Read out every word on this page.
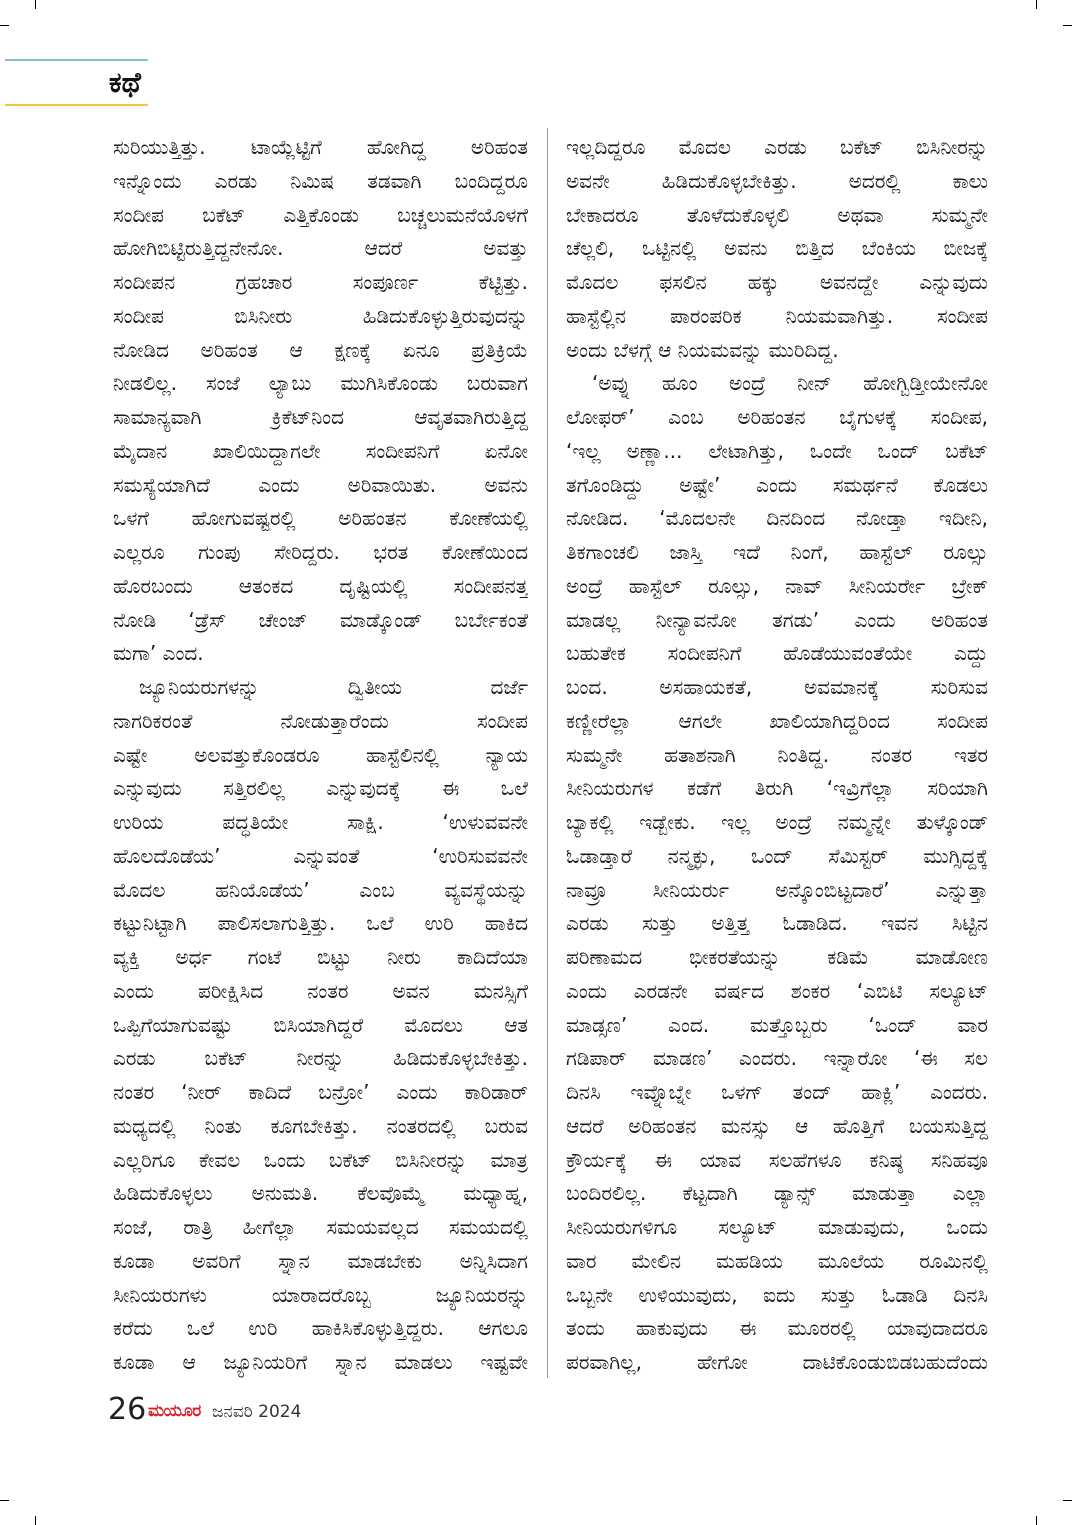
ಕಥೆ
ಸುರಿಯುತ್ತಿತ್ತು. ಟಾಯ್ಲೆಟ್ಟಿಗೆ ಹೋಗಿದ್ದ ಅರಿಹಂತ
ಇನ್ನೊಂದು ಎರಡು ನಿಮಿಷ ತಡವಾಗಿ ಬಂದಿದ್ದರೂ
ಸಂದೀಪ ಬಕೆಟ್ ಎತ್ತಿಕೊಂಡು ಬಚ್ಚಲುಮನೆಯೊಳಗೆ
ಹೋಗಿಬಿಟ್ಟಿರುತ್ತಿದ್ದನೇನೋ. ಆದರೆ ಅವತ್ತು
ಸಂದೀಪನ ಗ್ರಹಚಾರ ಸಂಪೂರ್ಣ ಕೆಟ್ಟಿತ್ತು.
ಸಂದೀಪ ಬಿಸಿನೀರು ಹಿಡಿದುಕೊಳ್ಳುತ್ತಿರುವುದನ್ನು
ನೋಡಿದ ಅರಿಹಂತ ಆ ಕ್ಷಣಕ್ಕೆ ಏನೂ ಪ್ರತಿಕ್ರಿಯೆ
ನೀಡಲಿಲ್ಲ. ಸಂಜೆ ಲ್ಯಾಬು ಮುಗಿಸಿಕೊಂಡು ಬರುವಾಗ
ಸಾಮಾನ್ಯವಾಗಿ ಕ್ರಿಕೆಟ್‌ನಿಂದ ಆವೃತವಾಗಿರುತ್ತಿದ್ದ
ಮೈದಾನ ಖಾಲಿಯಿದ್ದಾಗಲೇ ಸಂದೀಪನಿಗೆ ಏನೋ
ಸಮಸ್ಯೆಯಾಗಿದೆ ಎಂದು ಅರಿವಾಯಿತು. ಅವನು
ಒಳಗೆ ಹೋಗುವಷ್ಟರಲ್ಲಿ ಅರಿಹಂತನ ಕೋಣೆಯಲ್ಲಿ
ಎಲ್ಲರೂ ಗುಂಪು ಸೇರಿದ್ದರು. ಭರತ ಕೋಣೆಯಿಂದ
ಹೊರಬಂದು ಆತಂಕದ ದೃಷ್ಟಿಯಲ್ಲಿ ಸಂದೀಪನತ್ತ
ನೋಡಿ ‘ಡ್ರೆಸ್ ಚೇಂಜ್ ಮಾಡ್ಕೊಂಡ್ ಬರ್ಬೇಕಂತೆ
ಮಗಾ’ ಎಂದ.
ಜ್ಯೂನಿಯರುಗಳನ್ನು ದ್ವಿತೀಯ ದರ್ಜೆ
ನಾಗರಿಕರಂತೆ ನೋಡುತ್ತಾರೆಂದು ಸಂದೀಪ
ಎಷ್ಟೇ ಅಲವತ್ತುಕೊಂಡರೂ ಹಾಸ್ಟೆಲಿನಲ್ಲಿ ನ್ಯಾಯ
ಎನ್ನುವುದು ಸತ್ತಿರಲಿಲ್ಲ ಎನ್ನುವುದಕ್ಕೆ ಈ ಒಲೆ
ಉರಿಯ ಪದ್ಧತಿಯೇ ಸಾಕ್ಷಿ. ‘ಉಳುವವನೇ
ಹೊಲದೊಡೆಯ’ ಎನ್ನುವಂತೆ ‘ಉರಿಸುವವನೇ
ಮೊದಲ ಹನಿಯೊಡೆಯ’ ಎಂಬ ವ್ಯವಸ್ಥೆಯನ್ನು
ಕಟ್ಟುನಿಟ್ಟಾಗಿ ಪಾಲಿಸಲಾಗುತ್ತಿತ್ತು. ಒಲೆ ಉರಿ ಹಾಕಿದ
ವ್ಯಕ್ತಿ ಅರ್ಧ ಗಂಟೆ ಬಿಟ್ಟು ನೀರು ಕಾದಿದೆಯಾ
ಎಂದು ಪರೀಕ್ಷಿಸಿದ ನಂತರ ಅವನ ಮನಸ್ಸಿಗೆ
ಒಪ್ಪಿಗೆಯಾಗುವಷ್ಟು ಬಿಸಿಯಾಗಿದ್ದರೆ ಮೊದಲು ಆತ
ಎರಡು ಬಕೆಟ್ ನೀರನ್ನು ಹಿಡಿದುಕೊಳ್ಳಬೇಕಿತ್ತು.
ನಂತರ ‘ನೀರ್ ಕಾದಿದೆ ಬನ್ರೋ’ ಎಂದು ಕಾರಿಡಾರ್
ಮಧ್ಯದಲ್ಲಿ ನಿಂತು ಕೂಗಬೇಕಿತ್ತು. ನಂತರದಲ್ಲಿ ಬರುವ
ಎಲ್ಲರಿಗೂ ಕೇವಲ ಒಂದು ಬಕೆಟ್ ಬಿಸಿನೀರನ್ನು ಮಾತ್ರ
ಹಿಡಿದುಕೊಳ್ಳಲು ಅನುಮತಿ. ಕೆಲವೊಮ್ಮೆ ಮಧ್ಯಾಹ್ನ,
ಸಂಜೆ, ರಾತ್ರಿ ಹೀಗೆಲ್ಲಾ ಸಮಯವಲ್ಲದ ಸಮಯದಲ್ಲಿ
ಕೂಡಾ ಅವರಿಗೆ ಸ್ನಾನ ಮಾಡಬೇಕು ಅನ್ನಿಸಿದಾಗ
ಸೀನಿಯರುಗಳು ಯಾರಾದರೊಬ್ಬ ಜ್ಯೂನಿಯರನ್ನು
ಕರೆದು ಒಲೆ ಉರಿ ಹಾಕಿಸಿಕೊಳ್ಳುತ್ತಿದ್ದರು. ಆಗಲೂ
ಕೂಡಾ ಆ ಜ್ಯೂನಿಯರಿಗೆ ಸ್ನಾನ ಮಾಡಲು ಇಷ್ಟವೇ
ಇಲ್ಲದಿದ್ದರೂ ಮೊದಲ ಎರಡು ಬಕೆಟ್ ಬಿಸಿನೀರನ್ನು
ಅವನೇ ಹಿಡಿದುಕೊಳ್ಳಬೇಕಿತ್ತು. ಅದರಲ್ಲಿ ಕಾಲು
ಬೇಕಾದರೂ ತೊಳೆದುಕೊಳ್ಳಲಿ ಅಥವಾ ಸುಮ್ಮನೇ
ಚೆಲ್ಲಲಿ, ಒಟ್ಟಿನಲ್ಲಿ ಅವನು ಬಿತ್ತಿದ ಬೆಂಕಿಯ ಬೀಜಕ್ಕೆ
ಮೊದಲ ಫಸಲಿನ ಹಕ್ಕು ಅವನದ್ದೇ ಎನ್ನುವುದು
ಹಾಸ್ಟೆಲ್ಲಿನ ಪಾರಂಪರಿಕ ನಿಯಮವಾಗಿತ್ತು. ಸಂದೀಪ
ಅಂದು ಬೆಳಗ್ಗೆ ಆ ನಿಯಮವನ್ನು ಮುರಿದಿದ್ದ.
‘ಅವ್ನು ಹೂಂ ಅಂದ್ರೆ ನೀನ್ ಹೋಗ್ಬಿಡ್ತೀಯೇನೋ
ಲೋಫರ್’ ಎಂಬ ಅರಿಹಂತನ ಬೈಗುಳಕ್ಕೆ ಸಂದೀಪ,
‘ಇಲ್ಲ ಅಣ್ಣಾ... ಲೇಟಾಗಿತ್ತು, ಒಂದೇ ಒಂದ್ ಬಕೆಟ್
ತಗೊಂಡಿದ್ದು ಅಷ್ಟೇ’ ಎಂದು ಸಮರ್ಥನೆ ಕೊಡಲು
ನೋಡಿದ. ‘ಮೊದಲನೇ ದಿನದಿಂದ ನೋಡ್ತಾ ಇದೀನಿ,
ತಿಕಗಾಂಚಲಿ ಜಾಸ್ತಿ ಇದೆ ನಿಂಗೆ, ಹಾಸ್ಟೆಲ್ ರೂಲ್ಸು
ಅಂದ್ರೆ ಹಾಸ್ಟೆಲ್ ರೂಲ್ಸು, ನಾವ್ ಸೀನಿಯರ್ರೇ ಬ್ರೇಕ್
ಮಾಡಲ್ಲ ನೀನ್ಯಾವನೋ ತಗಡು’ ಎಂದು ಅರಿಹಂತ
ಬಹುತೇಕ ಸಂದೀಪನಿಗೆ ಹೊಡೆಯುವಂತೆಯೇ ಎದ್ದು
ಬಂದ. ಅಸಹಾಯಕತೆ, ಅವಮಾನಕ್ಕೆ ಸುರಿಸುವ
ಕಣ್ಣೀರೆಲ್ಲಾ ಆಗಲೇ ಖಾಲಿಯಾಗಿದ್ದರಿಂದ ಸಂದೀಪ
ಸುಮ್ಮನೇ ಹತಾಶನಾಗಿ ನಿಂತಿದ್ದ. ನಂತರ ಇತರ
ಸೀನಿಯರುಗಳ ಕಡೆಗೆ ತಿರುಗಿ ‘ಇವ್ರಿಗೆಲ್ಲಾ ಸರಿಯಾಗಿ
ಬ್ಯಾಕಲ್ಲಿ ಇಡ್ಬೇಕು. ಇಲ್ಲ ಅಂದ್ರೆ ನಮ್ಮನ್ನೇ ತುಳ್ಕೊಂಡ್
ಓಡಾಡ್ತಾರೆ ನನ್ಮಕ್ಳು, ಒಂದ್ ಸೆಮಿಸ್ಟರ್ ಮುಗ್ಸಿದ್ದಕ್ಕೆ
ನಾವ್ರೂ ಸೀನಿಯರ್ರು ಅನ್ಕೊಂಬಿಟ್ಟದಾರೆ’ ಎನ್ನುತ್ತಾ
ಎರಡು ಸುತ್ತು ಅತ್ತಿತ್ತ ಓಡಾಡಿದ. ಇವನ ಸಿಟ್ಟಿನ
ಪರಿಣಾಮದ ಭೀಕರತೆಯನ್ನು ಕಡಿಮೆ ಮಾಡೋಣ
ಎಂದು ಎರಡನೇ ವರ್ಷದ ಶಂಕರ ‘ಎಬಿಟಿ ಸಲ್ಯೂಟ್
ಮಾಡ್ಸಣ’ ಎಂದ. ಮತ್ತೊಬ್ಬರು ‘ಒಂದ್ ವಾರ
ಗಡಿಪಾರ್ ಮಾಡಣ’ ಎಂದರು. ಇನ್ನಾರೋ ‘ಈ ಸಲ
ದಿನಸಿ ಇವ್ನೊಬ್ನೇ ಒಳಗ್ ತಂದ್ ಹಾಕ್ಲಿ’ ಎಂದರು.
ಆದರೆ ಅರಿಹಂತನ ಮನಸ್ಸು ಆ ಹೊತ್ತಿಗೆ ಬಯಸುತ್ತಿದ್ದ
ಕ್ರೌರ್ಯಕ್ಕೆ ಈ ಯಾವ ಸಲಹೆಗಳೂ ಕನಿಷ್ಠ ಸನಿಹವೂ
ಬಂದಿರಲಿಲ್ಲ. ಕೆಟ್ಟದಾಗಿ ಡ್ಯಾನ್ಸ್ ಮಾಡುತ್ತಾ ಎಲ್ಲಾ
ಸೀನಿಯರುಗಳಿಗೂ ಸಲ್ಯೂಟ್ ಮಾಡುವುದು, ಒಂದು
ವಾರ ಮೇಲಿನ ಮಹಡಿಯ ಮೂಲೆಯ ರೂಮಿನಲ್ಲಿ
ಒಬ್ಬನೇ ಉಳಿಯುವುದು, ಐದು ಸುತ್ತು ಓಡಾಡಿ ದಿನಸಿ
ತಂದು ಹಾಕುವುದು ಈ ಮೂರರಲ್ಲಿ ಯಾವುದಾದರೂ
ಪರವಾಗಿಲ್ಲ, ಹೇಗೋ ದಾಟಿಕೊಂಡುಬಿಡಬಹುದೆಂದು
26 ಮಯೂರ ಜನವರಿ 2024
